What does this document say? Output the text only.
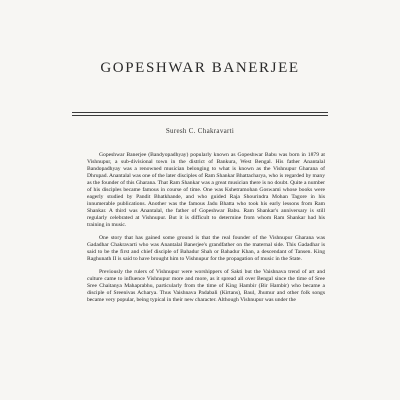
GOPESHWAR BANERJEE
Suresh C. Chakravarti

Gopeshwar Banerjee (Bandyopadhyay) popularly known as Gopeshwar Babu was born in 1879 at Vishnupur, a sub-divisional town in the district of Bankura, West Bengal. His father Anantalal Bandopadhyay was a renowned musician belonging to what is known as the Vishnupur Gharana of Dhrupad. Anantalal was one of the later disciples of Ram Shankar Bhattacharya, who is regarded by many as the founder of this Gharana. That Ram Shankar was a great musician there is no doubt. Quite a number of his disciples became famous in course of time. One was Kshetramohan Goswami whose books were eagerly studied by Pandit Bhatkhande, and who guided Raja Shourindra Mohan Tagore in his innumerable publications. Another was the famous Jadu Bhatta who took his early lessons from Ram Shankar. A third was Anantalal, the father of Gopeshwar Babu. Ram Shankar's anniversary is still regularly celebrated at Vishnupur. But it is difficult to determine from whom Ram Shankar had his training in music.

One story that has gained some ground is that the real founder of the Vishnupur Gharana was Gadadhar Chakravarti who was Anantalal Banerjee's grandfather on the maternal side. This Gadadhar is said to be the first and chief disciple of Bahadur Shah or Bahadur Khan, a descendant of Tansen. King Raghunath II is said to have brought him to Vishnupur for the propagation of music in the State.

Previously the rulers of Vishnupur were worshippers of Sakti but the Vaishnava trend of art and culture came to influence Vishnupur more and more, as it spread all over Bengal since the time of Sree Sree Chaitanya Mahaprabhu, particularly from the time of King Hambir (Bir Hambir) who became a disciple of Sreenivas Acharya. Thus Vaishnava Padabali (Kirtans), Baul, Jhumur and other folk songs became very popular, being typical in their new character. Although Vishnupur was under the
